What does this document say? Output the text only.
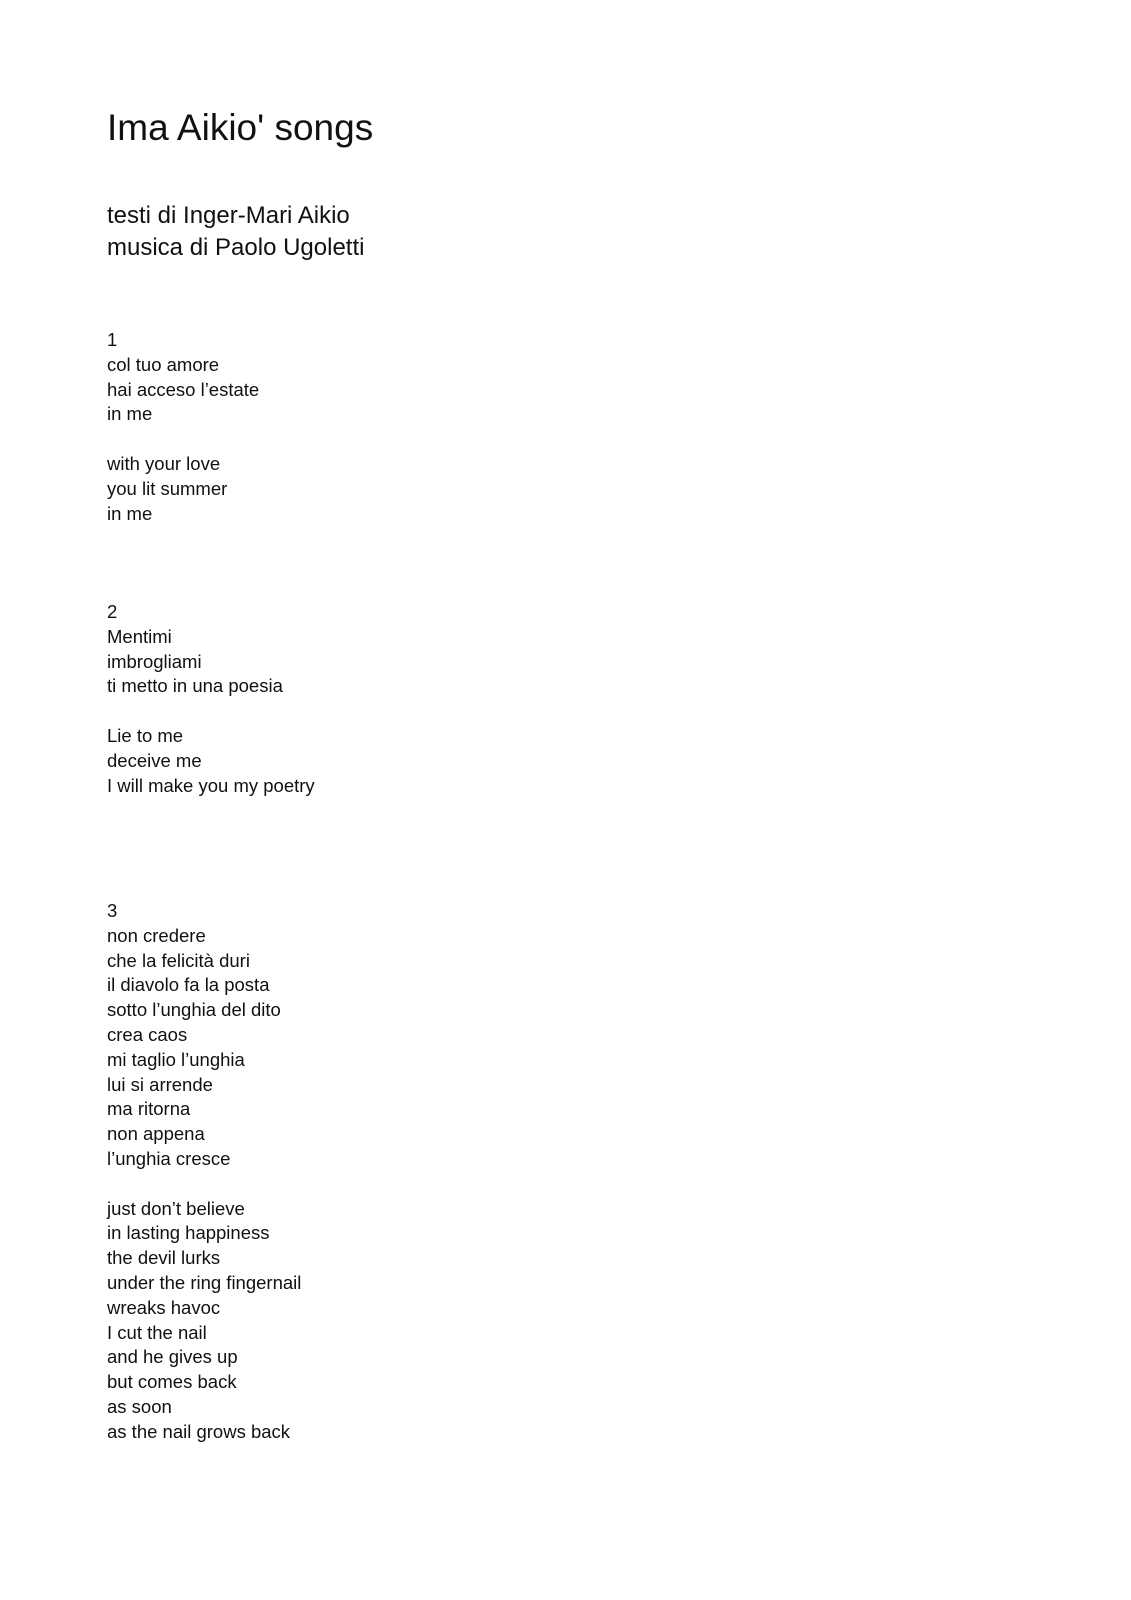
Ima Aikio' songs
testi di Inger-Mari Aikio
musica di Paolo Ugoletti
1
col tuo amore
hai acceso l’estate
in me
with your love
you lit summer
in me
2
Mentimi
imbrogliami
ti metto in una poesia
Lie to me
deceive me
I will make you my poetry
3
non credere
che la felicità duri
il diavolo fa la posta
sotto l’unghia del dito
crea caos
mi taglio l’unghia
lui si arrende
ma ritorna
non appena
l’unghia cresce
just don’t believe
in lasting happiness
the devil lurks
under the ring fingernail
wreaks havoc
I cut the nail
and he gives up
but comes back
as soon
as the nail grows back
